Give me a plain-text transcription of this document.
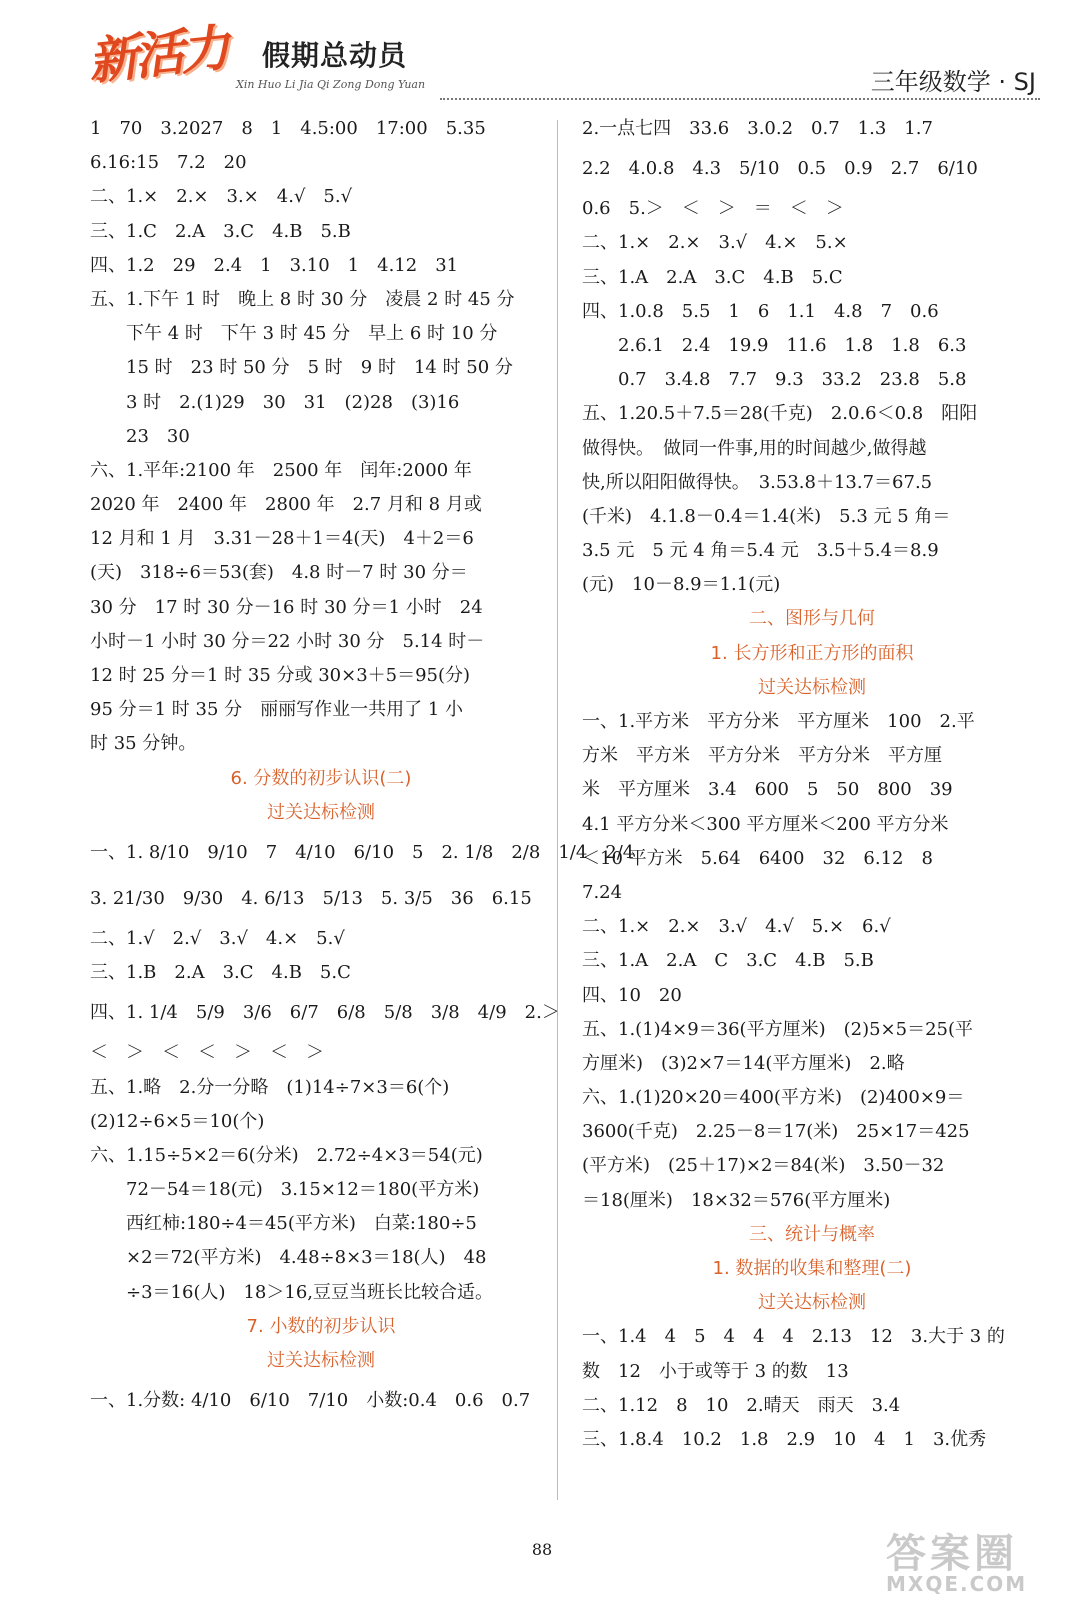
新活力 假期总动员
Xin Huo Li Jia Qi Zong Dong Yuan	三年级数学 · SJ
1　70　3.2027　8　1　4.5:00　17:00　5.35
6.16:15　7.2　20
二、1.×　2.×　3.×　4.√　5.√
三、1.C　2.A　3.C　4.B　5.B
四、1.2　29　2.4　1　3.10　1　4.12　31
五、1.下午 1 时　晚上 8 时 30 分　凌晨 2 时 45 分
　　下午 4 时　下午 3 时 45 分　早上 6 时 10 分
　　15 时　23 时 50 分　5 时　9 时　14 时 50 分
　　3 时　2.(1)29　30　31　(2)28　(3)16
　　23　30
六、1.平年:2100 年　2500 年　闰年:2000 年
2020 年　2400 年　2800 年　2.7 月和 8 月或
12 月和 1 月　3.31－28＋1＝4(天)　4＋2＝6
(天)　318÷6＝53(套)　4.8 时－7 时 30 分＝
30 分　17 时 30 分－16 时 30 分＝1 小时　24
小时－1 小时 30 分＝22 小时 30 分　5.14 时－
12 时 25 分＝1 时 35 分或 30×3＋5＝95(分)
95 分＝1 时 35 分　丽丽写作业一共用了 1 小
时 35 分钟。
6. 分数的初步认识(二)
过关达标检测
一、1. 8/10　9/10　7　4/10　6/10　5　2. 1/8　2/8　1/4　2/4
3. 21/30　9/30　4. 6/13　5/13　5. 3/5　36　6.15
二、1.√　2.√　3.√　4.×　5.√
三、1.B　2.A　3.C　4.B　5.C
四、1. 1/4　5/9　3/6　6/7　6/8　5/8　3/8　4/9　2.＞
＜　＞　＜　＜　＞　＜　＞
五、1.略　2.分一分略　(1)14÷7×3＝6(个)
(2)12÷6×5＝10(个)
六、1.15÷5×2＝6(分米)　2.72÷4×3＝54(元)
　　72－54＝18(元)　3.15×12＝180(平方米)
　　西红柿:180÷4＝45(平方米)　白菜:180÷5
　　×2＝72(平方米)　4.48÷8×3＝18(人)　48
　　÷3＝16(人)　18＞16,豆豆当班长比较合适。
7. 小数的初步认识
过关达标检测
一、1.分数: 4/10　6/10　7/10　小数:0.4　0.6　0.7
2.一点七四　33.6　3.0.2　0.7　1.3　1.7
2.2　4.0.8　4.3　5/10　0.5　0.9　2.7　6/10
0.6　5.＞　＜　＞　＝　＜　＞
二、1.×　2.×　3.√　4.×　5.×
三、1.A　2.A　3.C　4.B　5.C
四、1.0.8　5.5　1　6　1.1　4.8　7　0.6
　　2.6.1　2.4　19.9　11.6　1.8　1.8　6.3
　　0.7　3.4.8　7.7　9.3　33.2　23.8　5.8
五、1.20.5＋7.5＝28(千克)　2.0.6＜0.8　阳阳
做得快。　做同一件事,用的时间越少,做得越
快,所以阳阳做得快。　3.53.8＋13.7＝67.5
(千米)　4.1.8－0.4＝1.4(米)　5.3 元 5 角＝
3.5 元　5 元 4 角＝5.4 元　3.5＋5.4＝8.9
(元)　10－8.9＝1.1(元)
二、图形与几何
1. 长方形和正方形的面积
过关达标检测
一、1.平方米　平方分米　平方厘米　100　2.平
方米　平方米　平方分米　平方分米　平方厘
米　平方厘米　3.4　600　5　50　800　39
4.1 平方分米＜300 平方厘米＜200 平方分米
＜10 平方米　5.64　6400　32　6.12　8
7.24
二、1.×　2.×　3.√　4.√　5.×　6.√
三、1.A　2.A　C　3.C　4.B　5.B
四、10　20
五、1.(1)4×9＝36(平方厘米)　(2)5×5＝25(平
方厘米)　(3)2×7＝14(平方厘米)　2.略
六、1.(1)20×20＝400(平方米)　(2)400×9＝
3600(千克)　2.25－8＝17(米)　25×17＝425
(平方米)　(25＋17)×2＝84(米)　3.50－32
＝18(厘米)　18×32＝576(平方厘米)
三、统计与概率
1. 数据的收集和整理(二)
过关达标检测
一、1.4　4　5　4　4　4　2.13　12　3.大于 3 的
数　12　小于或等于 3 的数　13
二、1.12　8　10　2.晴天　雨天　3.4
三、1.8.4　10.2　1.8　2.9　10　4　1　3.优秀
88	答案圈
MXQE.COM
